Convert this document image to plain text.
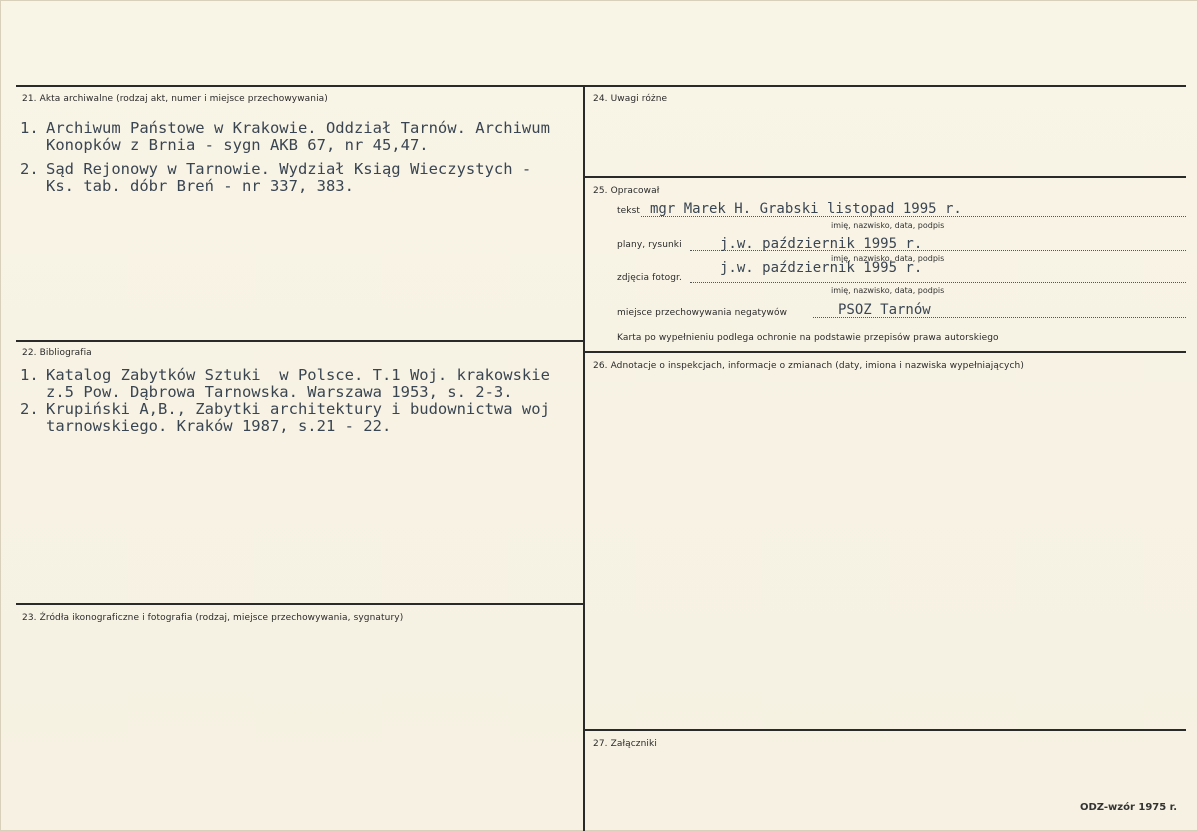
21. Akta archiwalne (rodzaj akt, numer i miejsce przechowywania)
1. Archiwum Państowe w Krakowie. Oddział Tarnów. Archiwum
Konopków z Brnia - sygn AKB 67, nr 45,47.
2. Sąd Rejonowy w Tarnowie. Wydział Ksiąg Wieczystych -
Ks. tab. dóbr Breń - nr 337, 383.
22. Bibliografia
1. Katalog Zabytków Sztuki  w Polsce. T.1 Woj. krakowskie
z.5 Pow. Dąbrowa Tarnowska. Warszawa 1953, s. 2-3.
2. Krupiński A,B., Zabytki architektury i budownictwa woj
tarnowskiego. Kraków 1987, s.21 - 22.
23. Źródła ikonograficzne i fotografia (rodzaj, miejsce przechowywania, sygnatury)
24. Uwagi różne
25. Opracował
tekst mgr Marek H. Grabski listopad 1995 r.
imię, nazwisko, data, podpis
plany, rysunki	j.w. październik 1995 r.
imię, nazwisko, data, podpis
zdjęcia fotogr.
j.w. październik 1995 r.
imię, nazwisko, data, podpis
miejsce przechowywania negatywów	PSOZ Tarnów
Karta po wypełnieniu podlega ochronie na podstawie przepisów prawa autorskiego
26. Adnotacje o inspekcjach, informacje o zmianach (daty, imiona i nazwiska wypełniających)
27. Załączniki
ODZ-wzór 1975 r.
